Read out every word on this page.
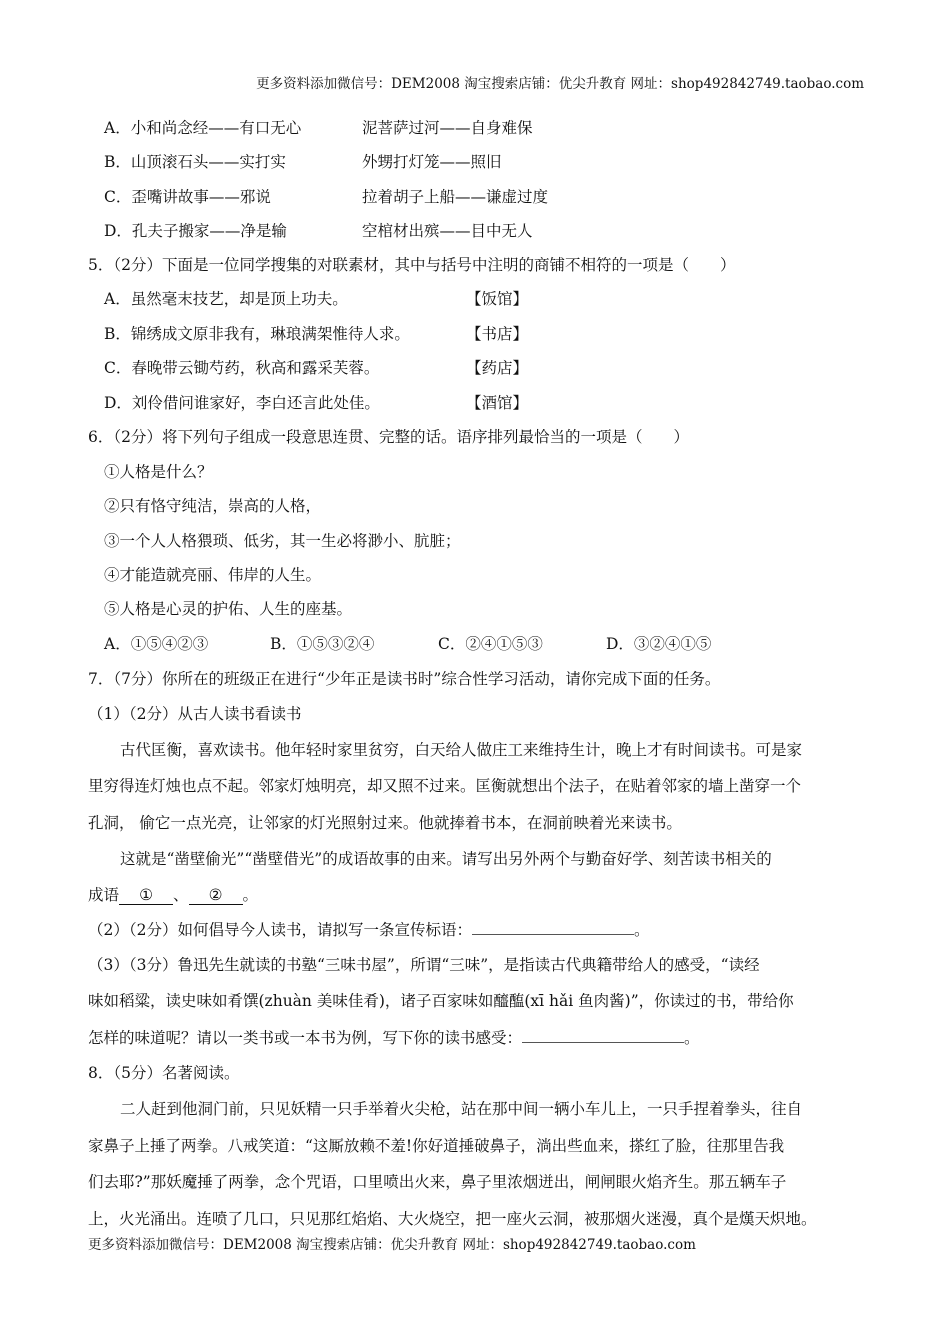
更多资料添加微信号：DEM2008 淘宝搜索店铺：优尖升教育 网址：shop492842749.taobao.com
A．小和尚念经——有口无心	泥菩萨过河——自身难保
B．山顶滚石头——实打实	外甥打灯笼——照旧
C．歪嘴讲故事——邪说	拉着胡子上船——谦虚过度
D．孔夫子搬家——净是输	空棺材出殡——目中无人
5．（2分）下面是一位同学搜集的对联素材，其中与括号中注明的商铺不相符的一项是（　　）
A．虽然毫末技艺，却是顶上功夫。	【饭馆】
B．锦绣成文原非我有，琳琅满架惟待人求。	【书店】
C．春晚带云锄芍药，秋高和露采芙蓉。	【药店】
D．刘伶借问谁家好，李白还言此处佳。	【酒馆】
6．（2分）将下列句子组成一段意思连贯、完整的话。语序排列最恰当的一项是（　　）
①人格是什么？
②只有恪守纯洁，崇高的人格，
③一个人人格猥琐、低劣，其一生必将渺小、肮脏；
④才能造就亮丽、伟岸的人生。
⑤人格是心灵的护佑、人生的座基。
A．①⑤④②③	B．①⑤③②④	C．②④①⑤③	D．③②④①⑤
7．（7分）你所在的班级正在进行“少年正是读书时”综合性学习活动，请你完成下面的任务。
（1）（2分）从古人读书看读书
古代匡衡，喜欢读书。他年轻时家里贫穷，白天给人做庄工来维持生计，晚上才有时间读书。可是家
里穷得连灯烛也点不起。邻家灯烛明亮，却又照不过来。匡衡就想出个法子，在贴着邻家的墙上凿穿一个
孔洞， 偷它一点光亮，让邻家的灯光照射过来。他就捧着书本，在洞前映着光来读书。
这就是“凿壁偷光”“凿壁借光”的成语故事的由来。请写出另外两个与勤奋好学、刻苦读书相关的
成语 ① 、 ② 。
（2）（2分）如何倡导今人读书，请拟写一条宣传标语：	。
（3）（3分）鲁迅先生就读的书塾“三味书屋”，所谓“三味”，是指读古代典籍带给人的感受，“读经
味如稻粱，读史味如肴馔(zhuàn 美味佳肴)，诸子百家味如醯醢(xī hǎi 鱼肉酱)”，你读过的书，带给你
怎样的味道呢？请以一类书或一本书为例，写下你的读书感受：	。
8．（5分）名著阅读。
二人赶到他洞门前，只见妖精一只手举着火尖枪，站在那中间一辆小车儿上，一只手捏着拳头，往自
家鼻子上捶了两拳。八戒笑道：“这厮放赖不羞!你好道捶破鼻子，淌出些血来，搽红了脸，往那里告我
们去耶?”那妖魔捶了两拳，念个咒语，口里喷出火来，鼻子里浓烟迸出，闸闸眼火焰齐生。那五辆车子
上，火光涌出。连喷了几口，只见那红焰焰、大火烧空，把一座火云洞，被那烟火迷漫，真个是熯天炽地。
更多资料添加微信号：DEM2008 淘宝搜索店铺：优尖升教育 网址：shop492842749.taobao.com
